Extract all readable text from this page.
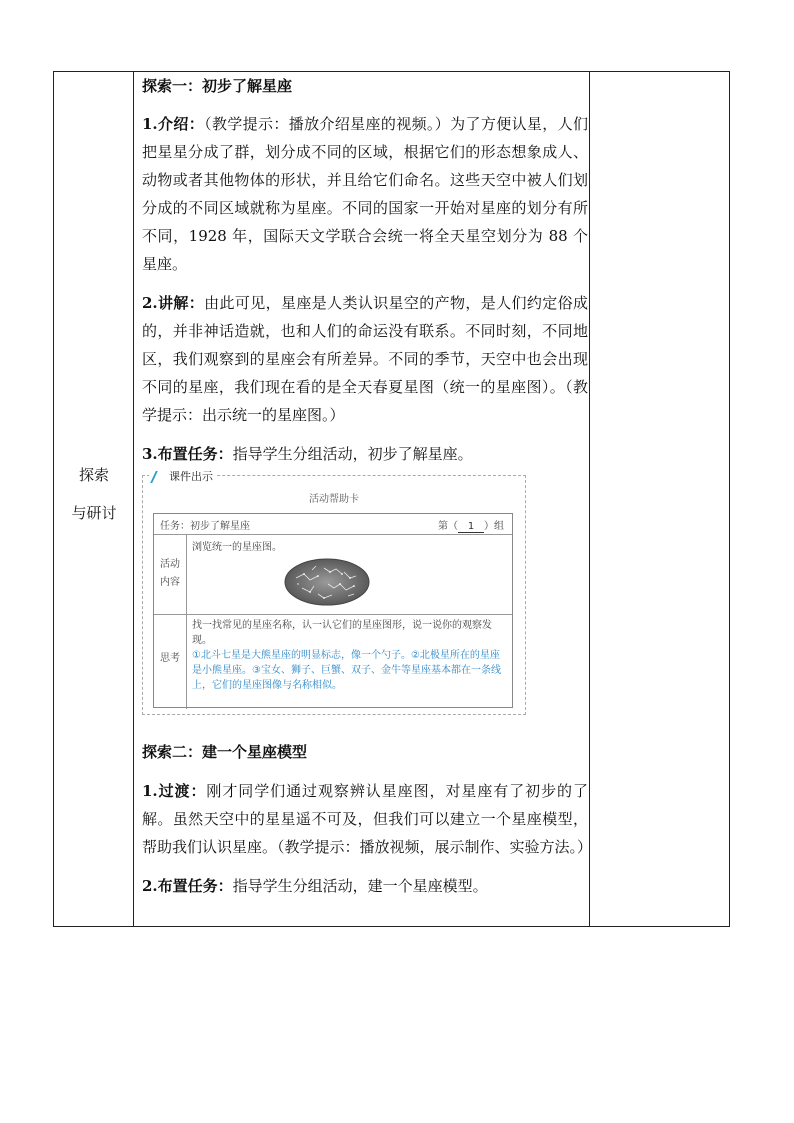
探索
与研讨
探索一：初步了解星座

1.介绍：（教学提示：播放介绍星座的视频。）为了方便认星，人们把星星分成了群，划分成不同的区域，根据它们的形态想象成人、动物或者其他物体的形状，并且给它们命名。这些天空中被人们划分成的不同区域就称为星座。不同的国家一开始对星座的划分有所不同，1928 年，国际天文学联合会统一将全天星空划分为 88 个星座。

2.讲解：由此可见，星座是人类认识星空的产物，是人们约定俗成的，并非神话造就，也和人们的命运没有联系。不同时刻，不同地区，我们观察到的星座会有所差异。不同的季节，天空中也会出现不同的星座，我们现在看的是全天春夏星图（统一的星座图）。（教学提示：出示统一的星座图。）

3.布置任务：指导学生分组活动，初步了解星座。

探索二：建一个星座模型

1.过渡：刚才同学们通过观察辨认星座图，对星座有了初步的了解。虽然天空中的星星遥不可及，但我们可以建立一个星座模型，帮助我们认识星座。（教学提示：播放视频，展示制作、实验方法。）

2.布置任务：指导学生分组活动，建一个星座模型。

课件出示
活动帮助卡
任务：初步了解星座	第（ 1 ）组
活动
内容
浏览统一的星座图。
思考
找一找常见的星座名称，认一认它们的星座图形，说一说你的观察发现。
①北斗七星是大熊星座的明显标志，像一个勺子。②北极星所在的星座是小熊星座。③宝女、狮子、巨蟹、双子、金牛等星座基本都在一条线上，它们的星座图像与名称相似。
